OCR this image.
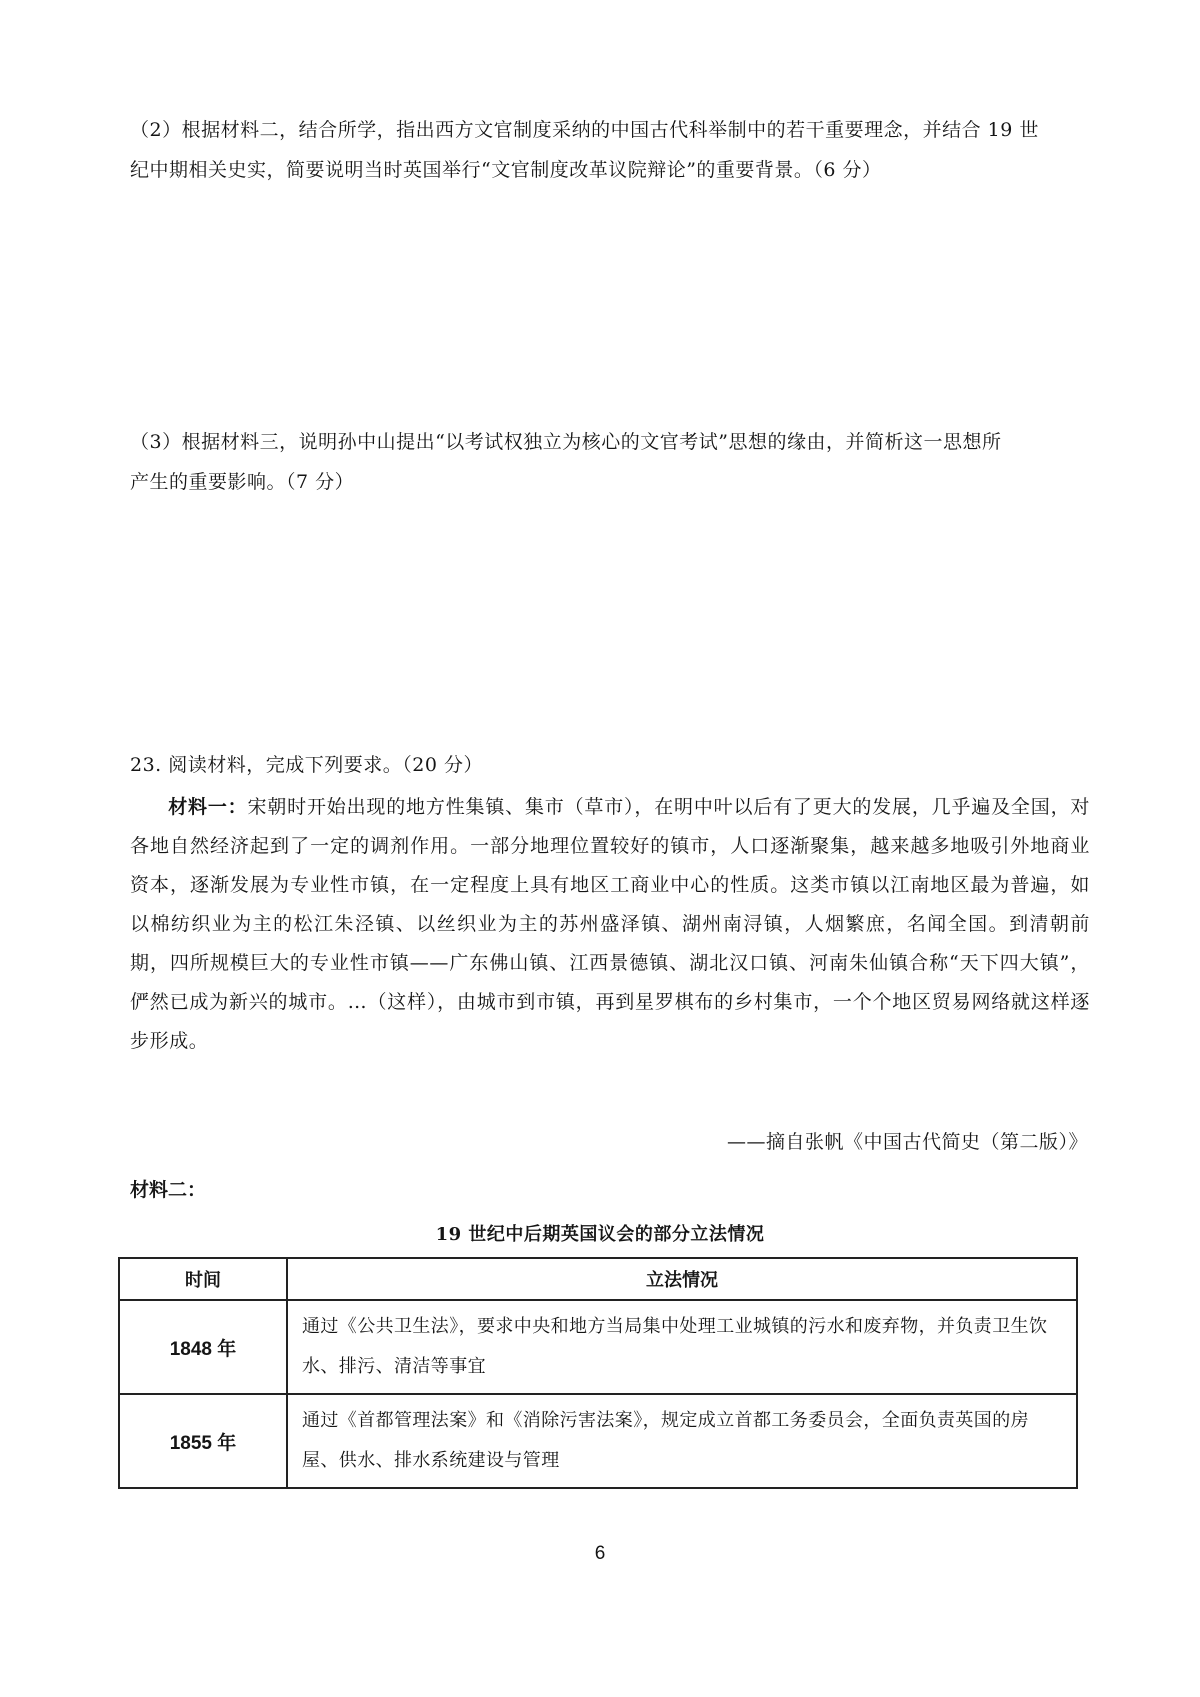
（2）根据材料二，结合所学，指出西方文官制度采纳的中国古代科举制中的若干重要理念，并结合 19 世
纪中期相关史实，简要说明当时英国举行“文官制度改革议院辩论”的重要背景。（6 分）
（3）根据材料三，说明孙中山提出“以考试权独立为核心的文官考试”思想的缘由，并简析这一思想所
产生的重要影响。（7 分）
23. 阅读材料，完成下列要求。（20 分）
材料一：宋朝时开始出现的地方性集镇、集市（草市），在明中叶以后有了更大的发展，几乎遍及全国，对各地自然经济起到了一定的调剂作用。一部分地理位置较好的镇市，人口逐渐聚集，越来越多地吸引外地商业资本，逐渐发展为专业性市镇，在一定程度上具有地区工商业中心的性质。这类市镇以江南地区最为普遍，如以棉纺织业为主的松江朱泾镇、以丝织业为主的苏州盛泽镇、湖州南浔镇，人烟繁庶，名闻全国。到清朝前期，四所规模巨大的专业性市镇——广东佛山镇、江西景德镇、湖北汉口镇、河南朱仙镇合称“天下四大镇”，俨然已成为新兴的城市。…（这样），由城市到市镇，再到星罗棋布的乡村集市，一个个地区贸易网络就这样逐步形成。
——摘自张帆《中国古代简史（第二版）》
材料二：
19 世纪中后期英国议会的部分立法情况
时间	立法情况
1848 年	通过《公共卫生法》，要求中央和地方当局集中处理工业城镇的污水和废弃物，并负责卫生饮水、排污、清洁等事宜
1855 年	通过《首都管理法案》和《消除污害法案》，规定成立首都工务委员会，全面负责英国的房屋、供水、排水系统建设与管理
6
